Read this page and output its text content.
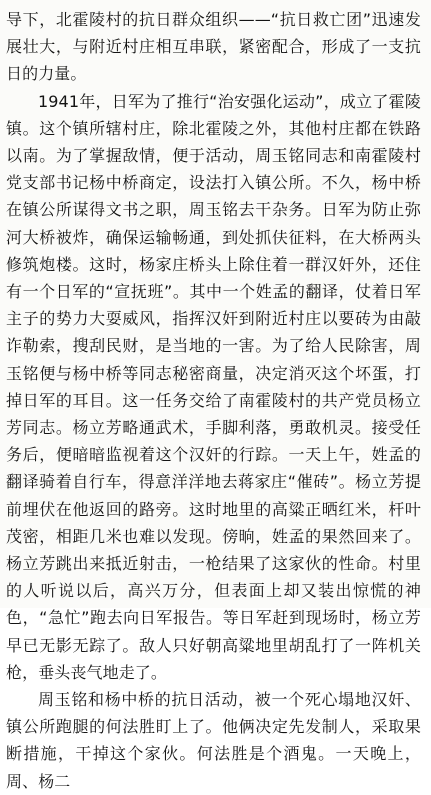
导下，北霍陵村的抗日群众组织——“抗日救亡团”迅速发展壮大，与附近村庄相互串联，紧密配合，形成了一支抗日的力量。

1941年，日军为了推行“治安强化运动”，成立了霍陵镇。这个镇所辖村庄，除北霍陵之外，其他村庄都在铁路以南。为了掌握敌情，便于活动，周玉铭同志和南霍陵村党支部书记杨中桥商定，设法打入镇公所。不久，杨中桥在镇公所谋得文书之职，周玉铭去干杂务。日军为防止弥河大桥被炸，确保运输畅通，到处抓伕征料，在大桥两头修筑炮楼。这时，杨家庄桥头上除住着一群汉奸外，还住有一个日军的“宣抚班”。其中一个姓孟的翻译，仗着日军主子的势力大耍威风，指挥汉奸到附近村庄以要砖为由敲诈勒索，搜刮民财，是当地的一害。为了给人民除害，周玉铭便与杨中桥等同志秘密商量，决定消灭这个坏蛋，打掉日军的耳目。这一任务交给了南霍陵村的共产党员杨立芳同志。杨立芳略通武术，手脚利落，勇敢机灵。接受任务后，便暗暗监视着这个汉奸的行踪。一天上午，姓孟的翻译骑着自行车，得意洋洋地去蒋家庄“催砖”。杨立芳提前埋伏在他返回的路旁。这时地里的高粱正晒红米，杆叶茂密，相距几米也难以发现。傍晌，姓孟的果然回来了。杨立芳跳出来抵近射击，一枪结果了这家伙的性命。村里的人听说以后，高兴万分，但表面上却又装出惊慌的神色，“急忙”跑去向日军报告。等日军赶到现场时，杨立芳早已无影无踪了。敌人只好朝高粱地里胡乱打了一阵机关枪，垂头丧气地走了。

周玉铭和杨中桥的抗日活动，被一个死心塌地汉奸、镇公所跑腿的何法胜盯上了。他俩决定先发制人，采取果断措施，干掉这个家伙。何法胜是个酒鬼。一天晚上，周、杨二
